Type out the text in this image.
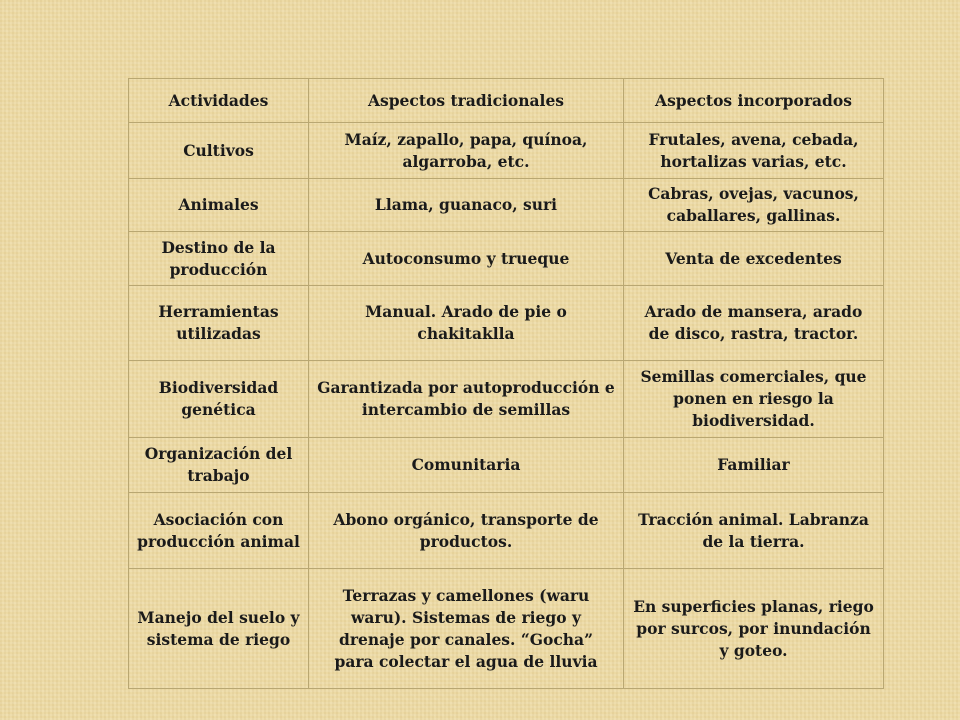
Actividades	Aspectos tradicionales	Aspectos incorporados
Cultivos	Maíz, zapallo, papa, quínoa, algarroba, etc.	Frutales, avena, cebada, hortalizas varias, etc.
Animales	Llama, guanaco, suri	Cabras, ovejas, vacunos, caballares, gallinas.
Destino de la producción	Autoconsumo y trueque	Venta de excedentes
Herramientas utilizadas	Manual. Arado de pie o chakitaklla	Arado de mansera, arado de disco, rastra, tractor.
Biodiversidad genética	Garantizada por autoproducción e intercambio de semillas	Semillas comerciales, que ponen en riesgo la biodiversidad.
Organización del trabajo	Comunitaria	Familiar
Asociación con producción animal	Abono orgánico, transporte de productos.	Tracción animal. Labranza de la tierra.
Manejo del suelo y sistema de riego	Terrazas y camellones (waru waru). Sistemas de riego y drenaje por canales. “Gocha” para colectar el agua de lluvia	En superficies planas, riego por surcos, por inundación y goteo.
